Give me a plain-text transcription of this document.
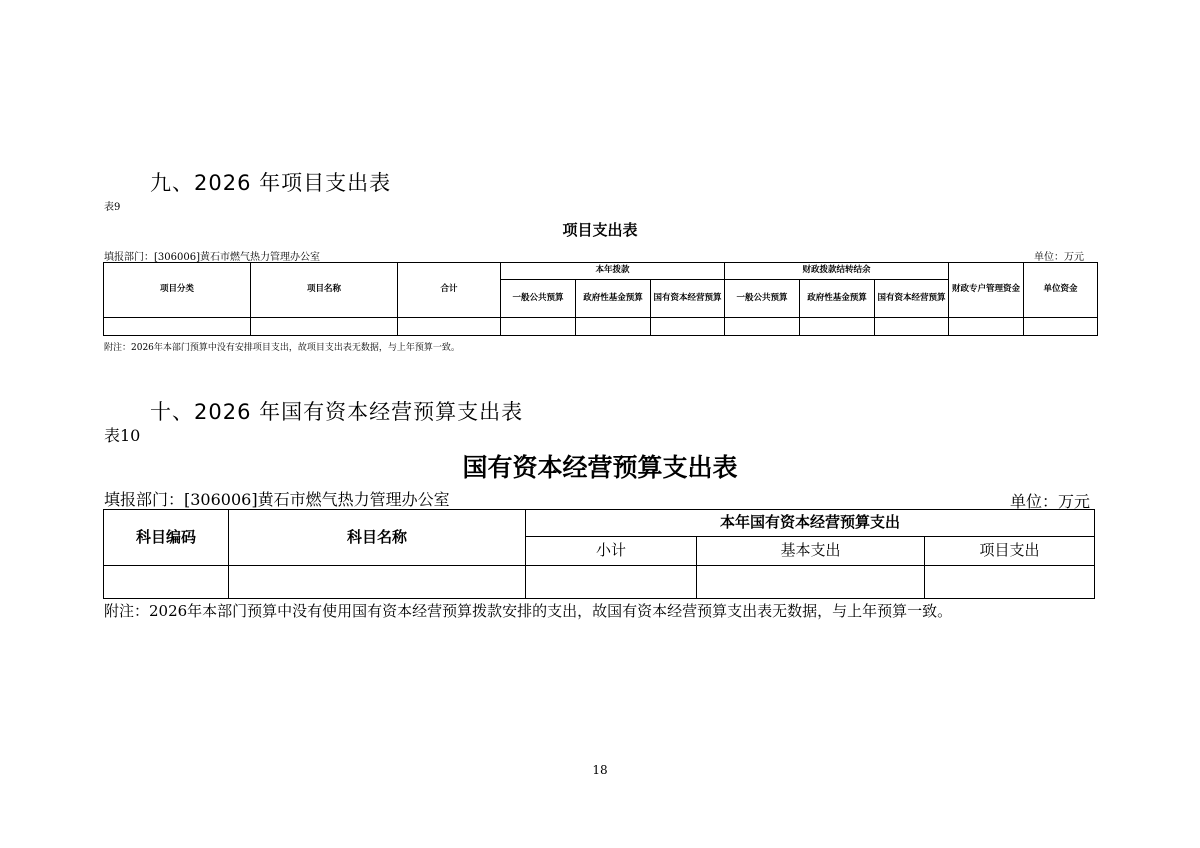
九、2026 年项目支出表
表9
项目支出表
填报部门：[306006]黄石市燃气热力管理办公室	单位：万元
项目分类	项目名称	合计	本年拨款			财政拨款结转结余			财政专户管理资金	单位资金
			一般公共预算	政府性基金预算	国有资本经营预算	一般公共预算	政府性基金预算	国有资本经营预算		

附注：2026年本部门预算中没有安排项目支出，故项目支出表无数据，与上年预算一致。
十、2026 年国有资本经营预算支出表
表10
国有资本经营预算支出表
填报部门：[306006]黄石市燃气热力管理办公室	单位：万元
科目编码	科目名称	本年国有资本经营预算支出		
		小计	基本支出	项目支出

附注：2026年本部门预算中没有使用国有资本经营预算拨款安排的支出，故国有资本经营预算支出表无数据，与上年预算一致。
18
